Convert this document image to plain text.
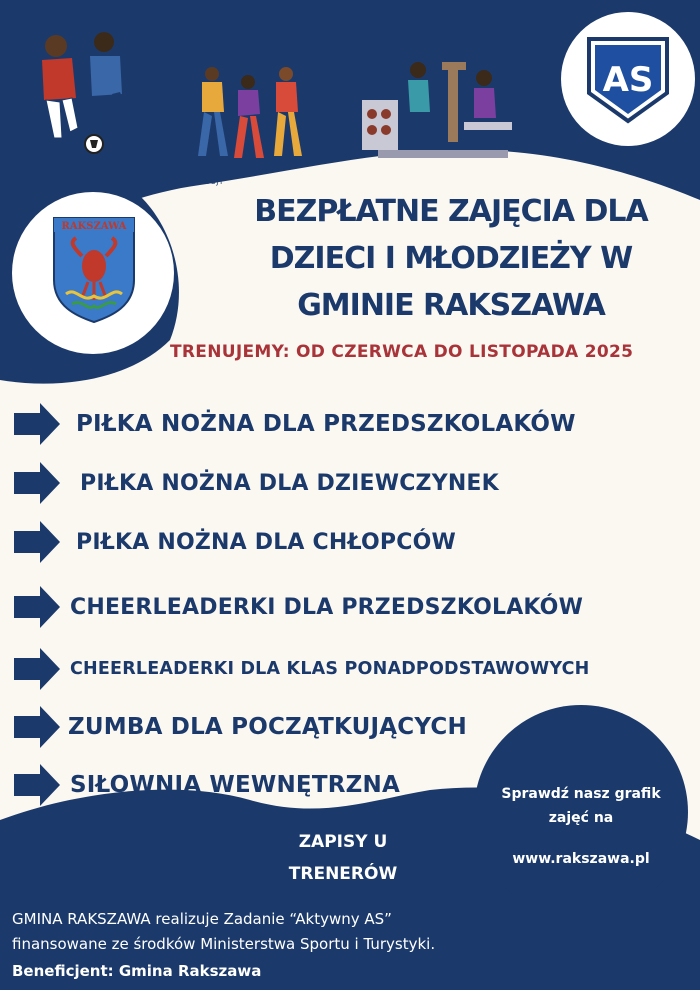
AS
WÓJT
RAKSZAWA	BEZPŁATNE ZAJĘCIA DLA
DZIECI I MŁODZIEŻY W
GMINIE RAKSZAWA
TRENUJEMY: OD CZERWCA DO LISTOPADA 2025
PIŁKA NOŻNA DLA PRZEDSZKOLAKÓW
PIŁKA NOŻNA DLA DZIEWCZYNEK
PIŁKA NOŻNA DLA CHŁOPCÓW
CHEERLEADERKI DLA PRZEDSZKOLAKÓW
CHEERLEADERKI DLA KLAS PONADPODSTAWOWYCH
ZUMBA DLA POCZĄTKUJĄCYCH
SIŁOWNIA WEWNĘTRZNA	Sprawdź nasz grafik
zajęć na
www.rakszawa.pl
ZAPISY U
TRENERÓW
GMINA RAKSZAWA realizuje Zadanie “Aktywny AS”
finansowane ze środków Ministerstwa Sportu i Turystyki.
Beneficjent: Gmina Rakszawa
